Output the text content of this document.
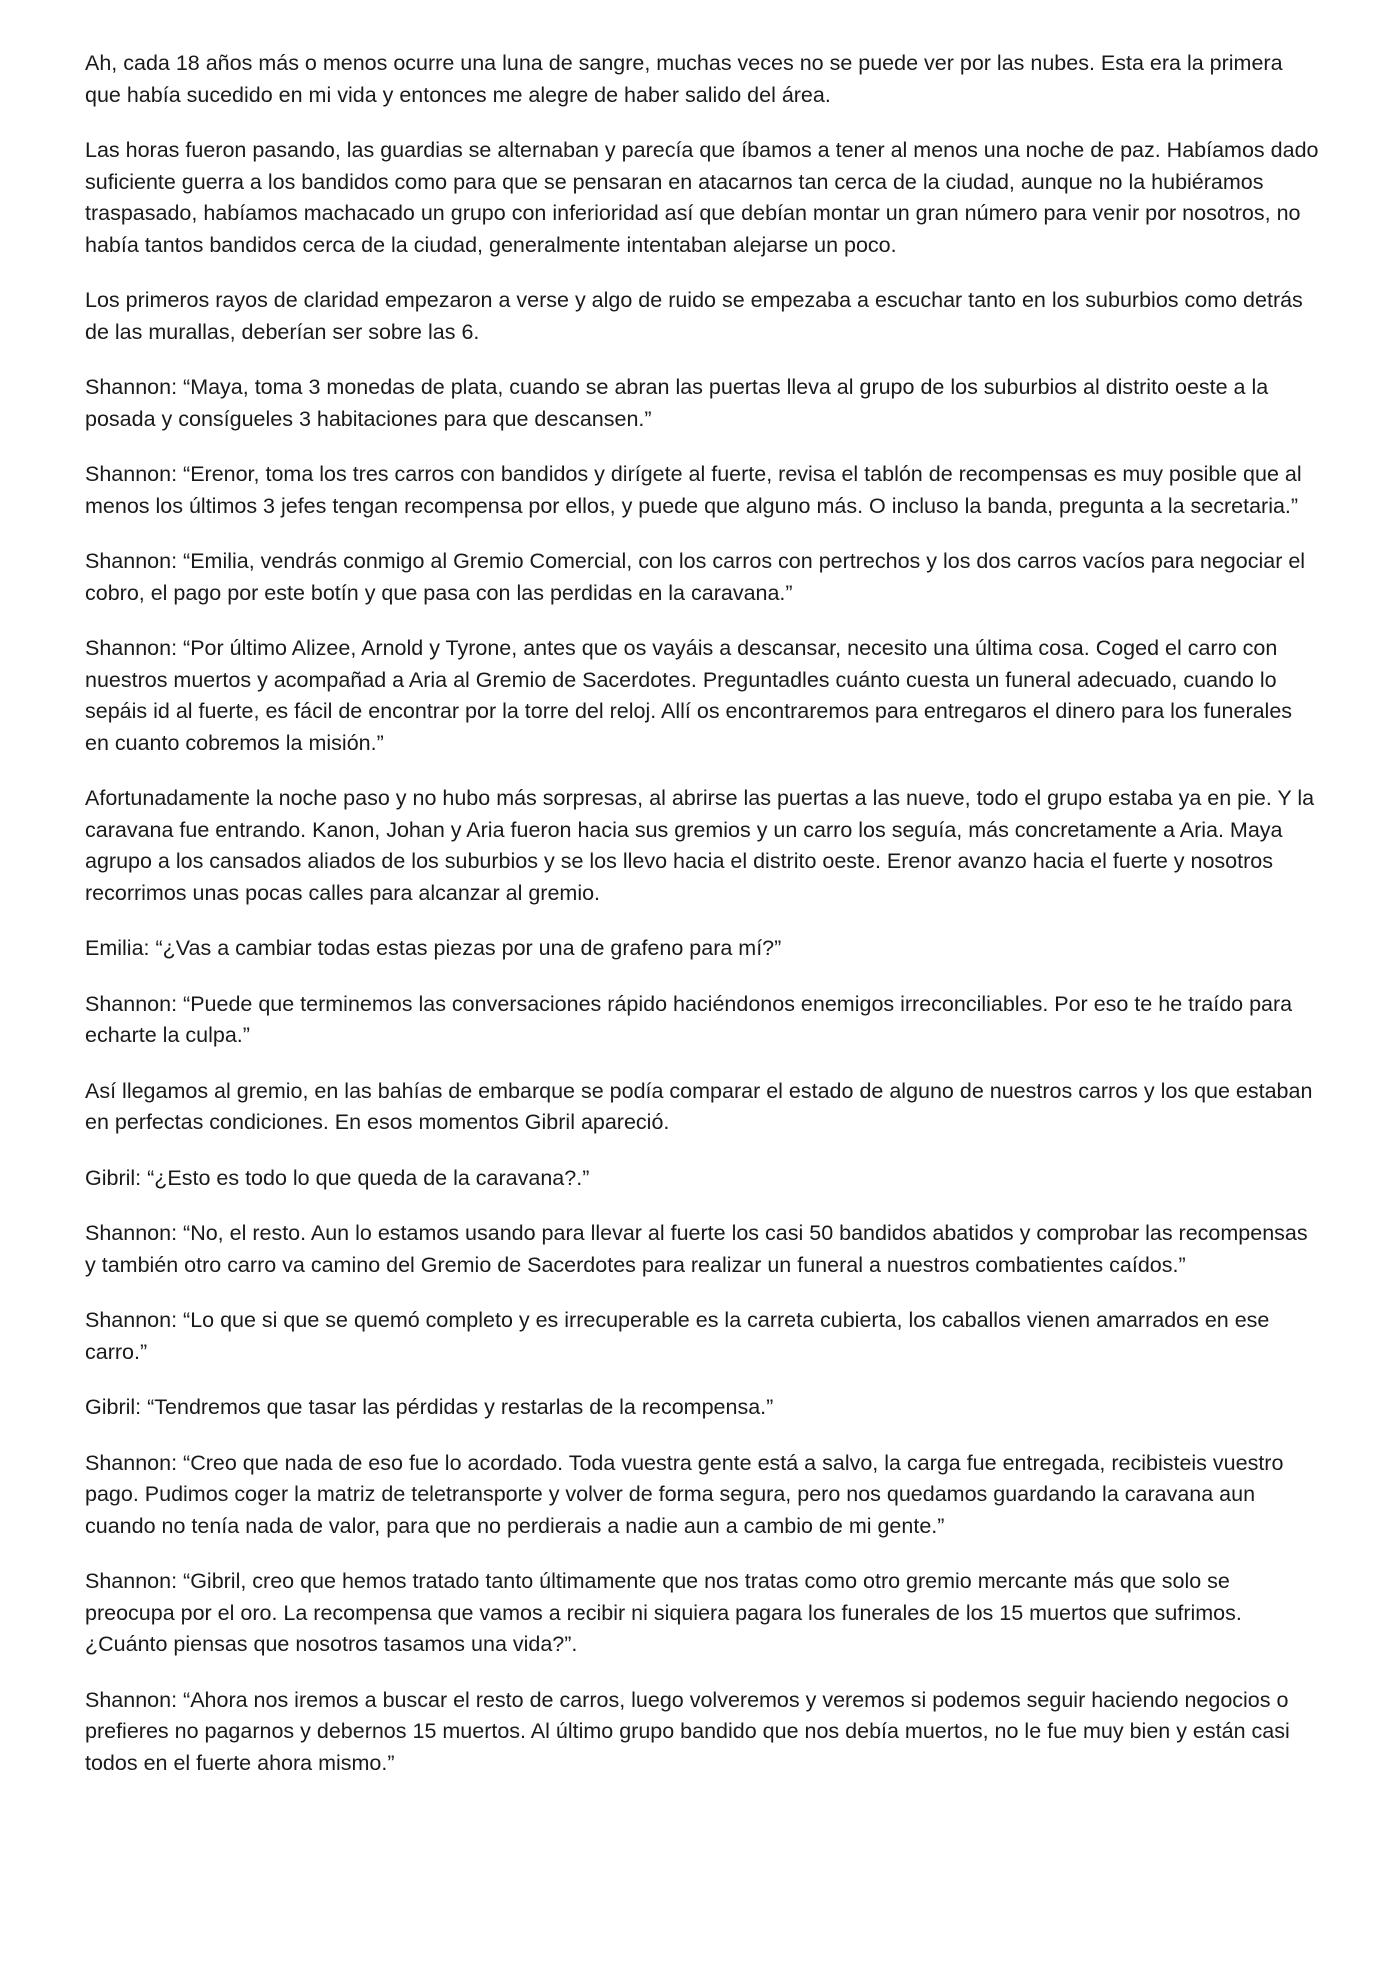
Ah, cada 18 años más o menos ocurre una luna de sangre, muchas veces no se puede ver por las nubes. Esta era la primera que había sucedido en mi vida y entonces me alegre de haber salido del área.

Las horas fueron pasando, las guardias se alternaban y parecía que íbamos a tener al menos una noche de paz. Habíamos dado suficiente guerra a los bandidos como para que se pensaran en atacarnos tan cerca de la ciudad, aunque no la hubiéramos traspasado, habíamos machacado un grupo con inferioridad así que debían montar un gran número para venir por nosotros, no había tantos bandidos cerca de la ciudad, generalmente intentaban alejarse un poco.

Los primeros rayos de claridad empezaron a verse y algo de ruido se empezaba a escuchar tanto en los suburbios como detrás de las murallas, deberían ser sobre las 6.

Shannon: “Maya, toma 3 monedas de plata, cuando se abran las puertas lleva al grupo de los suburbios al distrito oeste a la posada y consígueles 3 habitaciones para que descansen.”

Shannon: “Erenor, toma los tres carros con bandidos y dirígete al fuerte, revisa el tablón de recompensas es muy posible que al menos los últimos 3 jefes tengan recompensa por ellos, y puede que alguno más. O incluso la banda, pregunta a la secretaria.”

Shannon: “Emilia, vendrás conmigo al Gremio Comercial, con los carros con pertrechos y los dos carros vacíos para negociar el cobro, el pago por este botín y que pasa con las perdidas en la caravana.”

Shannon: “Por último Alizee, Arnold y Tyrone, antes que os vayáis a descansar, necesito una última cosa. Coged el carro con nuestros muertos y acompañad a Aria al Gremio de Sacerdotes. Preguntadles cuánto cuesta un funeral adecuado, cuando lo sepáis id al fuerte, es fácil de encontrar por la torre del reloj. Allí os encontraremos para entregaros el dinero para los funerales en cuanto cobremos la misión.”

Afortunadamente la noche paso y no hubo más sorpresas, al abrirse las puertas a las nueve, todo el grupo estaba ya en pie. Y la caravana fue entrando. Kanon, Johan y Aria fueron hacia sus gremios y un carro los seguía, más concretamente a Aria. Maya agrupo a los cansados aliados de los suburbios y se los llevo hacia el distrito oeste. Erenor avanzo hacia el fuerte y nosotros recorrimos unas pocas calles para alcanzar al gremio.

Emilia: “¿Vas a cambiar todas estas piezas por una de grafeno para mí?”

Shannon: “Puede que terminemos las conversaciones rápido haciéndonos enemigos irreconciliables. Por eso te he traído para echarte la culpa.”

Así llegamos al gremio, en las bahías de embarque se podía comparar el estado de alguno de nuestros carros y los que estaban en perfectas condiciones. En esos momentos Gibril apareció.

Gibril: “¿Esto es todo lo que queda de la caravana?.”

Shannon: “No, el resto. Aun lo estamos usando para llevar al fuerte los casi 50 bandidos abatidos y comprobar las recompensas y también otro carro va camino del Gremio de Sacerdotes para realizar un funeral a nuestros combatientes caídos.”

Shannon: “Lo que si que se quemó completo y es irrecuperable es la carreta cubierta, los caballos vienen amarrados en ese carro.”

Gibril: “Tendremos que tasar las pérdidas y restarlas de la recompensa.”

Shannon: “Creo que nada de eso fue lo acordado. Toda vuestra gente está a salvo, la carga fue entregada, recibisteis vuestro pago. Pudimos coger la matriz de teletransporte y volver de forma segura, pero nos quedamos guardando la caravana aun cuando no tenía nada de valor, para que no perdierais a nadie aun a cambio de mi gente.”

Shannon: “Gibril, creo que hemos tratado tanto últimamente que nos tratas como otro gremio mercante más que solo se preocupa por el oro. La recompensa que vamos a recibir ni siquiera pagara los funerales de los 15 muertos que sufrimos. ¿Cuánto piensas que nosotros tasamos una vida?”.

Shannon: “Ahora nos iremos a buscar el resto de carros, luego volveremos y veremos si podemos seguir haciendo negocios o prefieres no pagarnos y debernos 15 muertos. Al último grupo bandido que nos debía muertos, no le fue muy bien y están casi todos en el fuerte ahora mismo.”
